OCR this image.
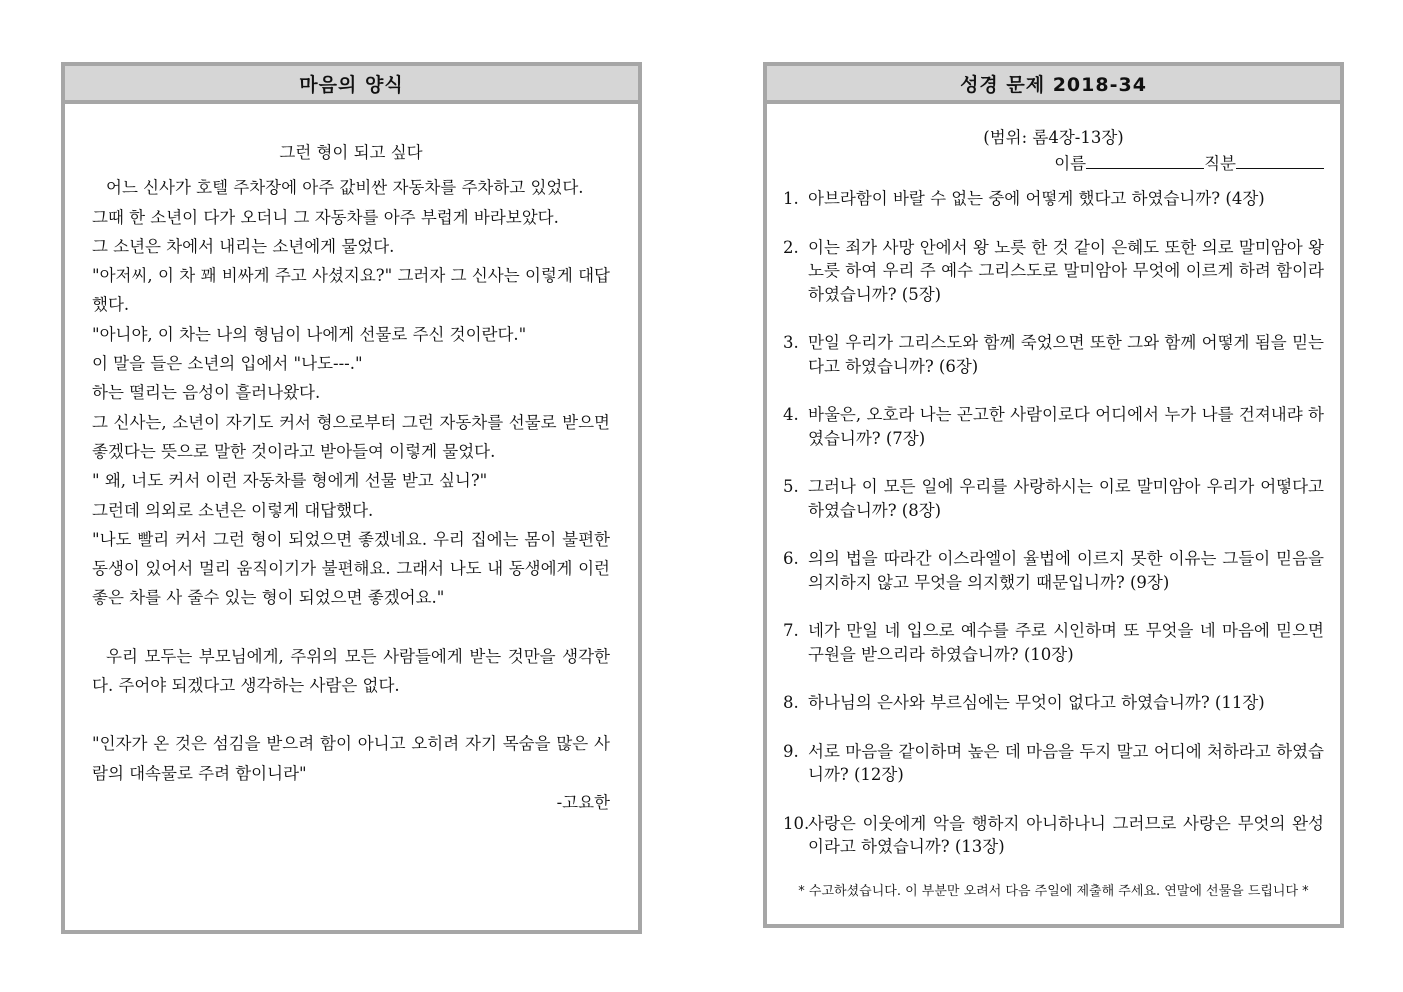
마음의 양식
그런 형이 되고 싶다
어느 신사가 호텔 주차장에 아주 값비싼 자동차를 주차하고 있었다.
그때 한 소년이 다가 오더니 그 자동차를 아주 부럽게 바라보았다.
그 소년은 차에서 내리는 소년에게 물었다.
"아저씨, 이 차 꽤 비싸게 주고 사셨지요?" 그러자 그 신사는 이렇게 대답했다.
"아니야, 이 차는 나의 형님이 나에게 선물로 주신 것이란다."
이 말을 들은 소년의 입에서 "나도---."
하는 떨리는 음성이 흘러나왔다.
그 신사는, 소년이 자기도 커서 형으로부터 그런 자동차를 선물로 받으면 좋겠다는 뜻으로 말한 것이라고 받아들여 이렇게 물었다.
" 왜, 너도 커서 이런 자동차를 형에게 선물 받고 싶니?"
그런데 의외로 소년은 이렇게 대답했다.
"나도 빨리 커서 그런 형이 되었으면 좋겠네요. 우리 집에는 몸이 불편한 동생이 있어서 멀리 움직이기가 불편해요. 그래서 나도 내 동생에게 이런 좋은 차를 사 줄수 있는 형이 되었으면 좋겠어요."
우리 모두는 부모님에게, 주위의 모든 사람들에게 받는 것만을 생각한다. 주어야 되겠다고 생각하는 사람은 없다.
"인자가 온 것은 섬김을 받으려 함이 아니고 오히려 자기 목숨을 많은 사람의 대속물로 주려 함이니라"
-고요한
성경 문제 2018-34
(범위: 롬4장-13장)
이름	직분
1. 아브라함이 바랄 수 없는 중에 어떻게 했다고 하였습니까? (4장)
2. 이는 죄가 사망 안에서 왕 노릇 한 것 같이 은혜도 또한 의로 말미암아 왕 노릇 하여 우리 주 예수 그리스도로 말미암아 무엇에 이르게 하려 함이라 하였습니까? (5장)
3. 만일 우리가 그리스도와 함께 죽었으면 또한 그와 함께 어떻게 됨을 믿는다고 하였습니까? (6장)
4. 바울은, 오호라 나는 곤고한 사람이로다 어디에서 누가 나를 건져내랴 하였습니까? (7장)
5. 그러나 이 모든 일에 우리를 사랑하시는 이로 말미암아 우리가 어떻다고 하였습니까? (8장)
6. 의의 법을 따라간 이스라엘이 율법에 이르지 못한 이유는 그들이 믿음을 의지하지 않고 무엇을 의지했기 때문입니까? (9장)
7. 네가 만일 네 입으로 예수를 주로 시인하며 또 무엇을 네 마음에 믿으면 구원을 받으리라 하였습니까? (10장)
8. 하나님의 은사와 부르심에는 무엇이 없다고 하였습니까? (11장)
9. 서로 마음을 같이하며 높은 데 마음을 두지 말고 어디에 처하라고 하였습니까? (12장)
10.
사랑은 이웃에게 악을 행하지 아니하나니 그러므로 사랑은 무엇의 완성이라고 하였습니까? (13장)
* 수고하셨습니다. 이 부분만 오려서 다음 주일에 제출해 주세요. 연말에 선물을 드립니다 *
